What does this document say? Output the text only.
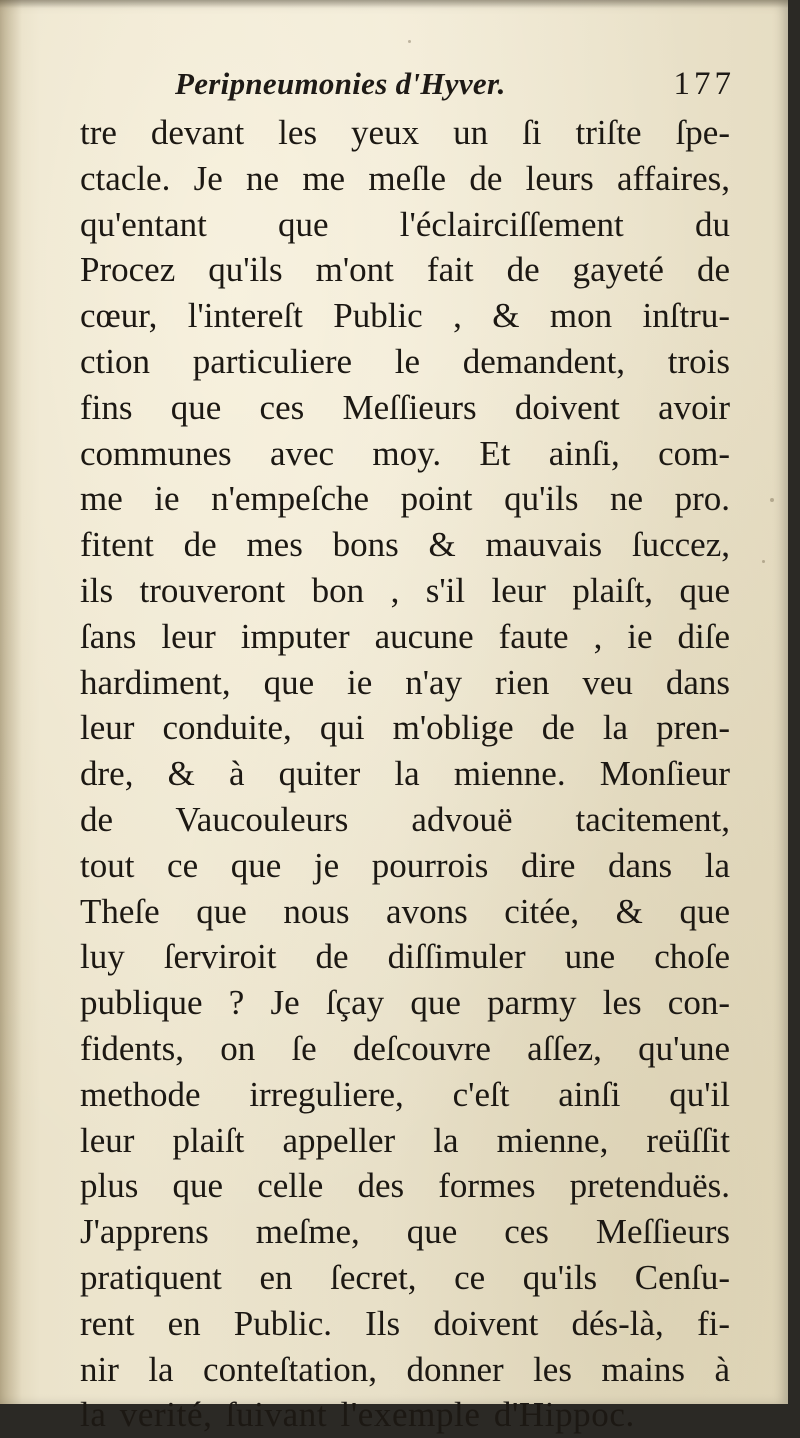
Peripneumonies d'Hyver.	177
tre devant les yeux un ſi triſte ſpe-
ctacle. Je ne me meſle de leurs affaires,
qu'entant que l'éclairciſſement du
Procez qu'ils m'ont fait de gayeté de
cœur, l'intereſt Public , & mon inſtru-
ction particuliere le demandent, trois
fins que ces Meſſieurs doivent avoir
communes avec moy. Et ainſi, com-
me ie n'empeſche point qu'ils ne pro.
fitent de mes bons & mauvais ſuccez,
ils trouveront bon , s'il leur plaiſt, que
ſans leur imputer aucune faute , ie diſe
hardiment, que ie n'ay rien veu dans
leur conduite, qui m'oblige de la pren-
dre, & à quiter la mienne. Monſieur
de Vaucouleurs advouë tacitement,
tout ce que je pourrois dire dans la
Theſe que nous avons citée, & que
luy ſerviroit de diſſimuler une choſe
publique ? Je ſçay que parmy les con-
fidents, on ſe deſcouvre aſſez, qu'une
methode irreguliere, c'eſt ainſi qu'il
leur plaiſt appeller la mienne, reüſſit
plus que celle des formes pretenduës.
J'apprens meſme, que ces Meſſieurs
pratiquent en ſecret, ce qu'ils Cenſu-
rent en Public. Ils doivent dés-là, fi-
nir la conteſtation, donner les mains à
la verité, ſuivant l'exemple d'Hippoc.
